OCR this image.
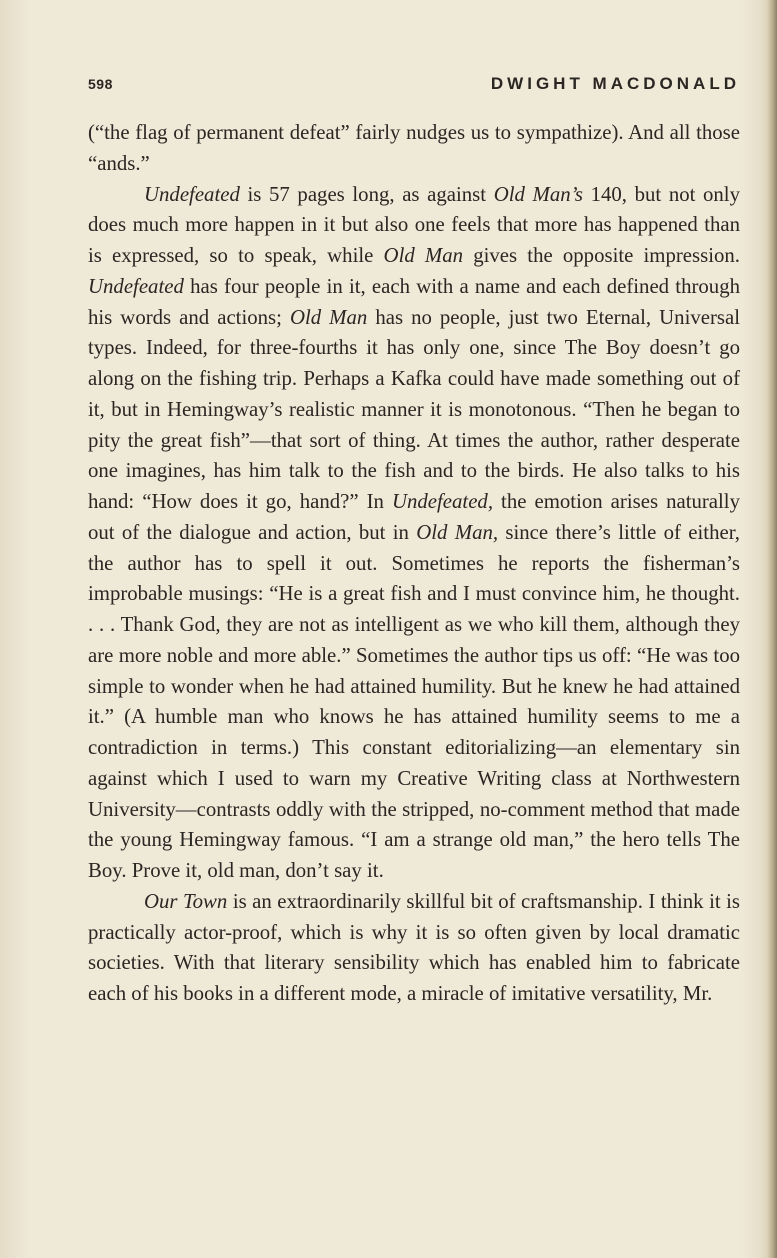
598	DWIGHT MACDONALD

(“the flag of permanent defeat” fairly nudges us to sympathize). And all those “ands.”

Undefeated is 57 pages long, as against Old Man’s 140, but not only does much more happen in it but also one feels that more has happened than is expressed, so to speak, while Old Man gives the opposite impression. Undefeated has four people in it, each with a name and each defined through his words and actions; Old Man has no people, just two Eternal, Universal types. Indeed, for three-fourths it has only one, since The Boy doesn’t go along on the fishing trip. Perhaps a Kafka could have made something out of it, but in Hemingway’s realistic manner it is monotonous. “Then he began to pity the great fish”—that sort of thing. At times the author, rather desperate one imagines, has him talk to the fish and to the birds. He also talks to his hand: “How does it go, hand?” In Undefeated, the emotion arises naturally out of the dialogue and action, but in Old Man, since there’s little of either, the author has to spell it out. Sometimes he reports the fisherman’s improbable musings: “He is a great fish and I must convince him, he thought. . . . Thank God, they are not as intelligent as we who kill them, although they are more noble and more able.” Sometimes the author tips us off: “He was too simple to wonder when he had attained humility. But he knew he had attained it.” (A humble man who knows he has attained humility seems to me a contradiction in terms.) This constant editorializing—an elementary sin against which I used to warn my Creative Writing class at Northwestern University—contrasts oddly with the stripped, no-comment method that made the young Hemingway famous. “I am a strange old man,” the hero tells The Boy. Prove it, old man, don’t say it.

Our Town is an extraordinarily skillful bit of craftsmanship. I think it is practically actor-proof, which is why it is so often given by local dramatic societies. With that literary sensibility which has enabled him to fabricate each of his books in a different mode, a miracle of imitative versatility, Mr.
